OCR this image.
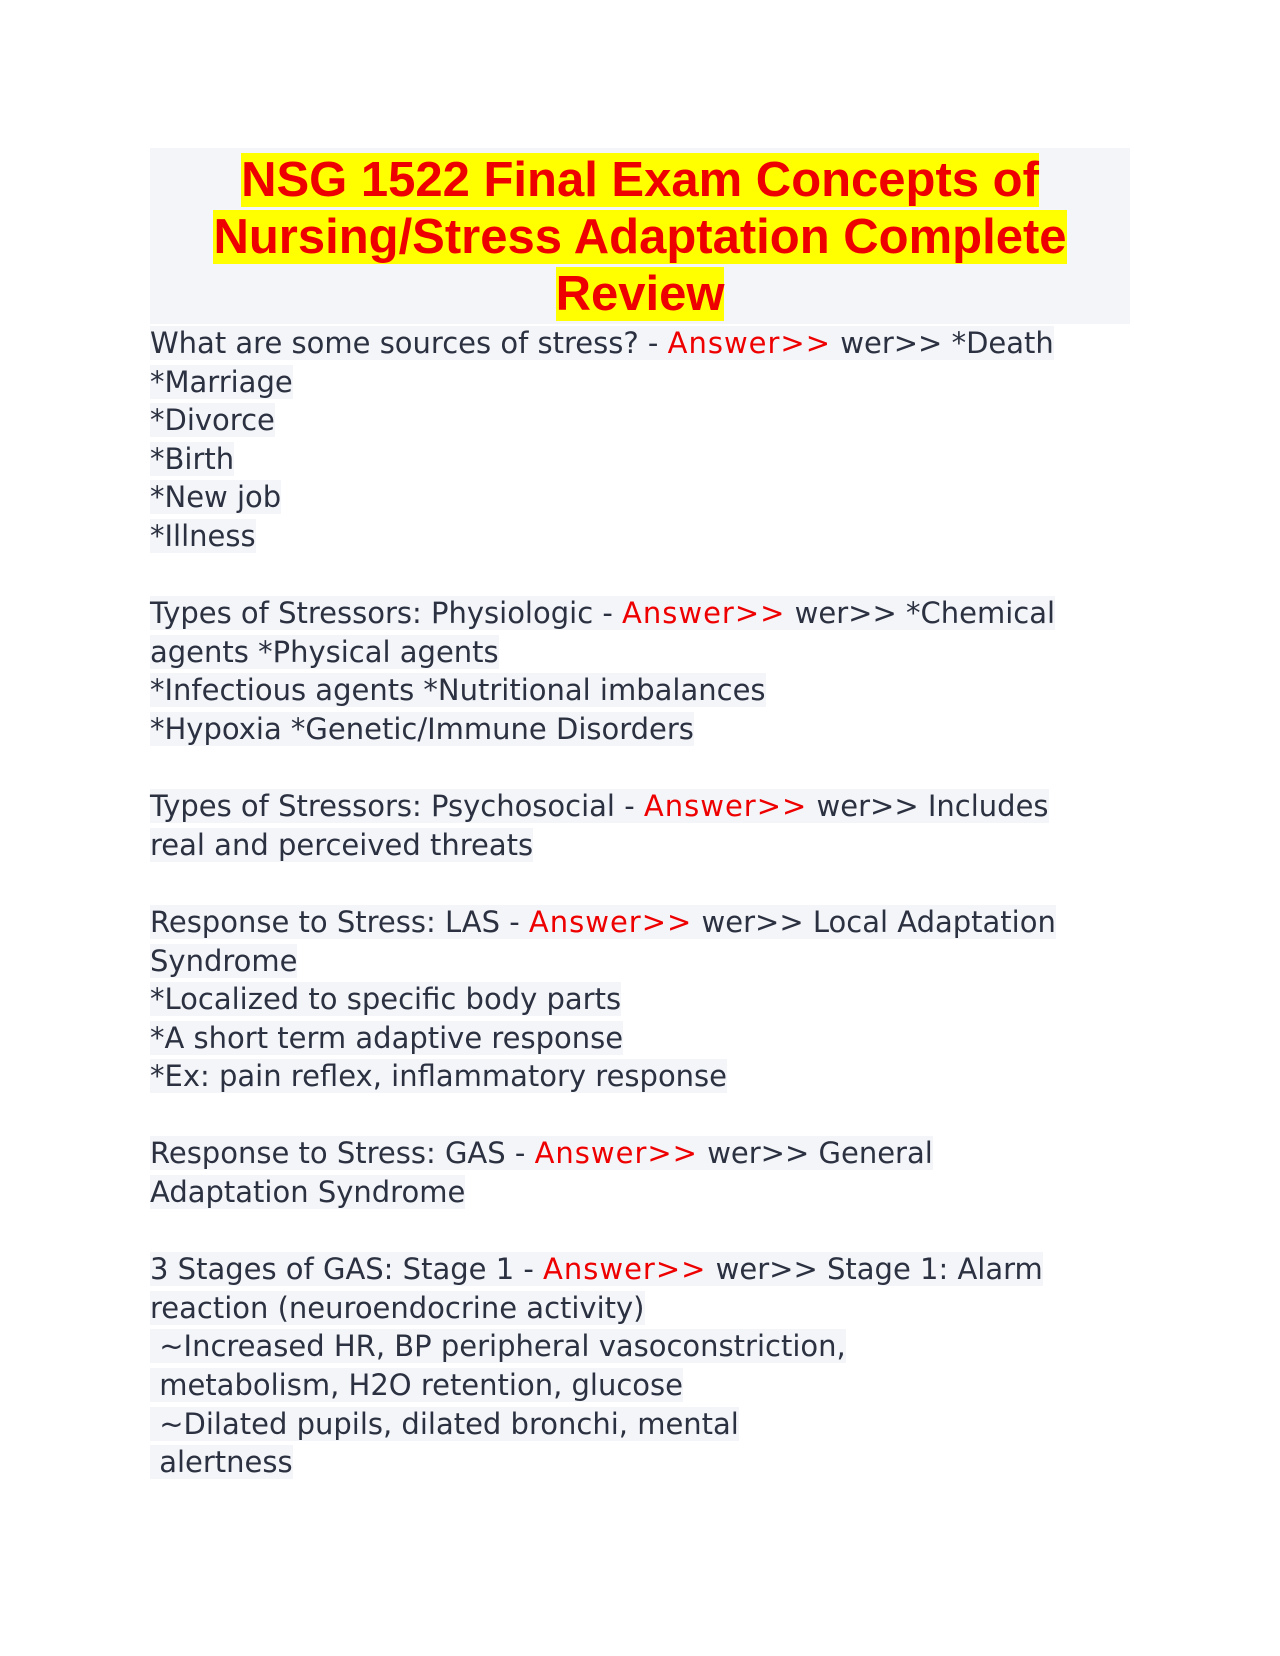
NSG 1522 Final Exam Concepts of
Nursing/Stress Adaptation Complete
Review
What are some sources of stress? - Answer>> wer>> *Death
*Marriage
*Divorce
*Birth
*New job
*Illness
Types of Stressors: Physiologic - Answer>> wer>> *Chemical
agents *Physical agents
*Infectious agents *Nutritional imbalances
*Hypoxia *Genetic/Immune Disorders
Types of Stressors: Psychosocial - Answer>> wer>> Includes
real and perceived threats
Response to Stress: LAS - Answer>> wer>> Local Adaptation
Syndrome
*Localized to specific body parts
*A short term adaptive response
*Ex: pain reflex, inflammatory response
Response to Stress: GAS - Answer>> wer>> General
Adaptation Syndrome
3 Stages of GAS: Stage 1 - Answer>> wer>> Stage 1: Alarm
reaction (neuroendocrine activity)
~Increased HR, BP peripheral vasoconstriction,
metabolism, H2O retention, glucose
~Dilated pupils, dilated bronchi, mental
alertness
